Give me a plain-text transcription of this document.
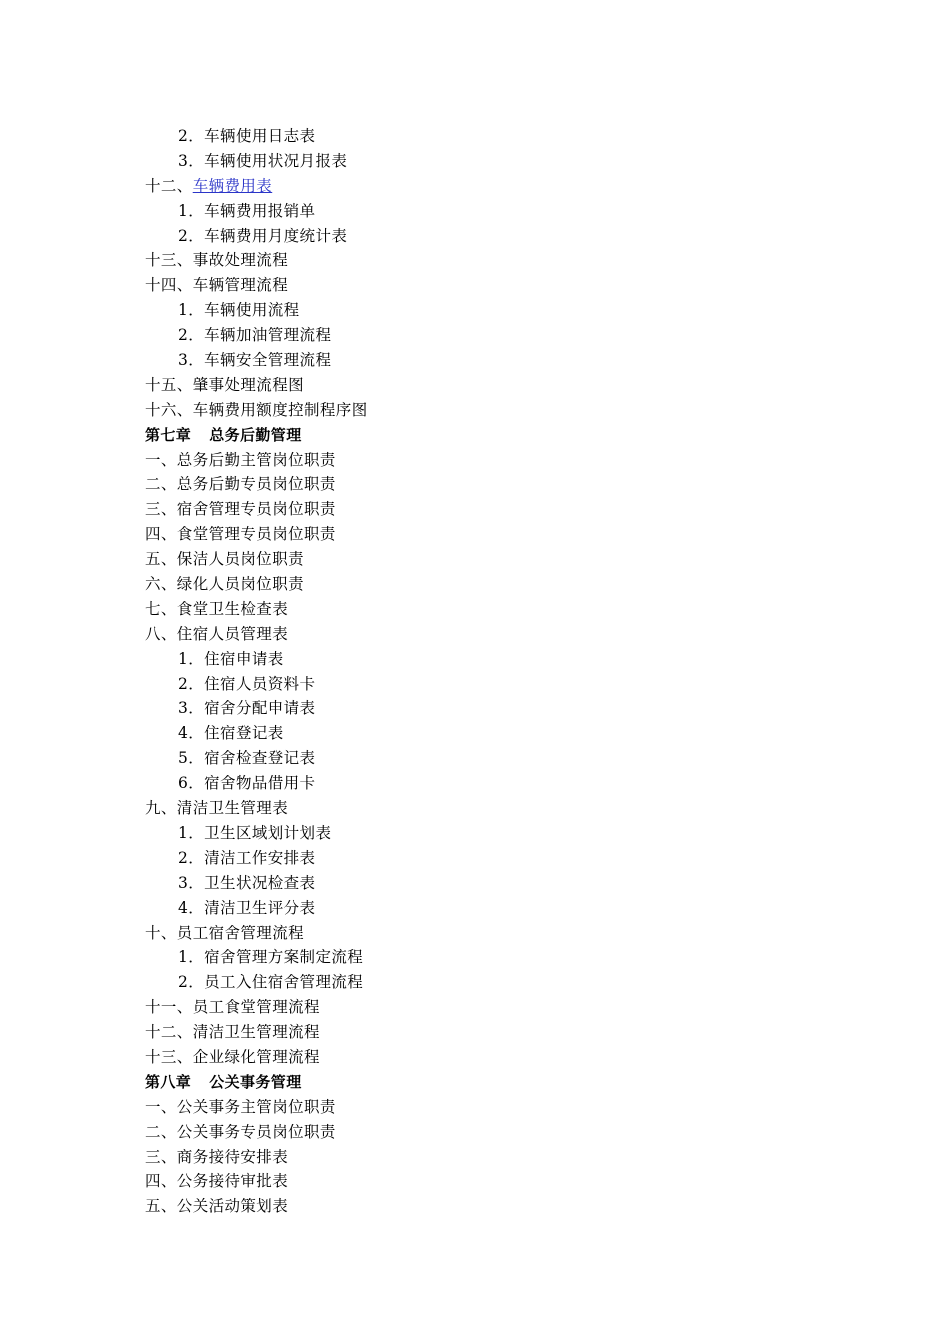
2．车辆使用日志表
3．车辆使用状况月报表
十二、车辆费用表
1．车辆费用报销单
2．车辆费用月度统计表
十三、事故处理流程
十四、车辆管理流程
1．车辆使用流程
2．车辆加油管理流程
3．车辆安全管理流程
十五、肇事处理流程图
十六、车辆费用额度控制程序图
第七章 总务后勤管理
一、总务后勤主管岗位职责
二、总务后勤专员岗位职责
三、宿舍管理专员岗位职责
四、食堂管理专员岗位职责
五、保洁人员岗位职责
六、绿化人员岗位职责
七、食堂卫生检查表
八、住宿人员管理表
1．住宿申请表
2．住宿人员资料卡
3．宿舍分配申请表
4．住宿登记表
5．宿舍检查登记表
6．宿舍物品借用卡
九、清洁卫生管理表
1．卫生区域划计划表
2．清洁工作安排表
3．卫生状况检查表
4．清洁卫生评分表
十、员工宿舍管理流程
1．宿舍管理方案制定流程
2．员工入住宿舍管理流程
十一、员工食堂管理流程
十二、清洁卫生管理流程
十三、企业绿化管理流程
第八章 公关事务管理
一、公关事务主管岗位职责
二、公关事务专员岗位职责
三、商务接待安排表
四、公务接待审批表
五、公关活动策划表
